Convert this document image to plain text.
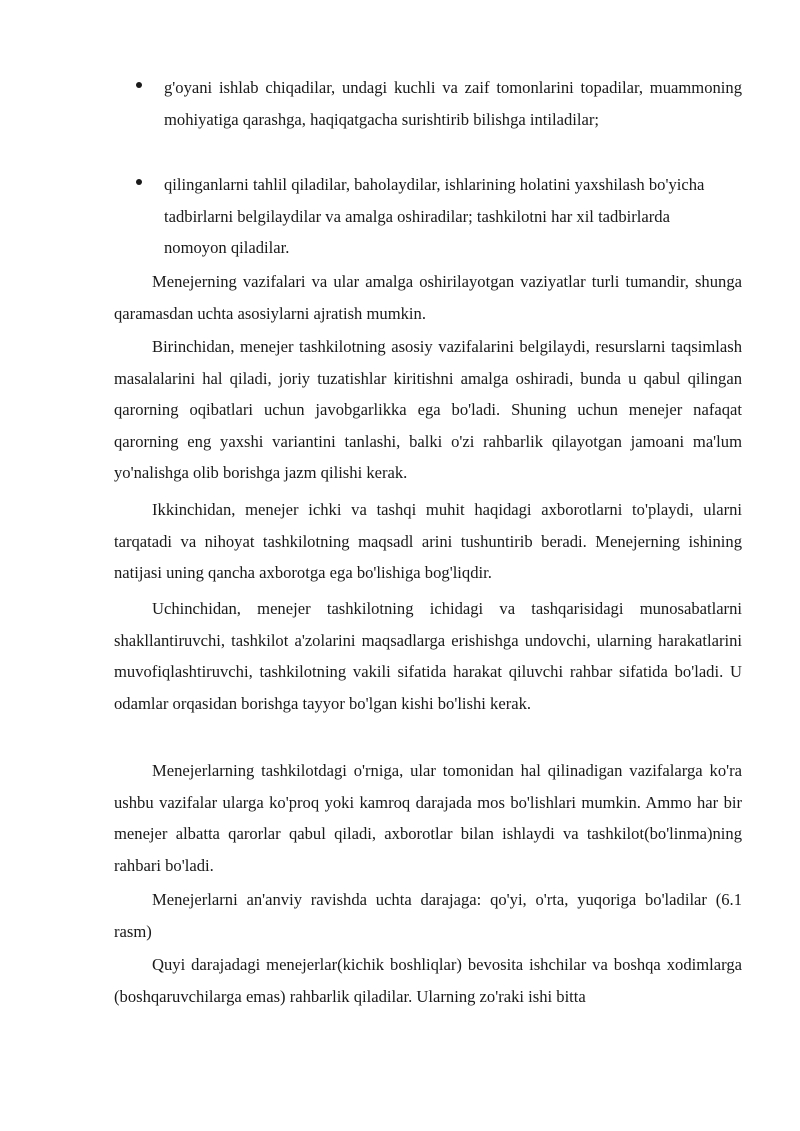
g'oyani ishlab chiqadilar, undagi kuchli va zaif tomonlarini topadilar, muammoning mohiyatiga qarashga, haqiqatgacha surishtirib bilishga intiladilar;
qilinganlarni tahlil qiladilar, baholaydilar, ishlarining holatini yaxshilash bo'yicha tadbirlarni belgilaydilar va amalga oshiradilar; tashkilotni har xil tadbirlarda nomoyon qiladilar.

Menejerning vazifalari va ular amalga oshirilayotgan vaziyatlar turli tumandir, shunga qaramasdan uchta asosiylarni ajratish mumkin.

Birinchidan, menejer tashkilotning asosiy vazifalarini belgilaydi, resurslarni taqsimlash masalalarini hal qiladi, joriy tuzatishlar kiritishni amalga oshiradi, bunda u qabul qilingan qarorning oqibatlari uchun javobgarlikka ega bo'ladi. Shuning uchun menejer nafaqat qarorning eng yaxshi variantini tanlashi, balki o'zi rahbarlik qilayotgan jamoani ma'lum yo'nalishga olib borishga jazm qilishi kerak.

Ikkinchidan, menejer ichki va tashqi muhit haqidagi axborotlarni to'playdi, ularni tarqatadi va nihoyat tashkilotning maqsadl arini tushuntirib beradi. Menejerning ishining natijasi uning qancha axborotga ega bo'lishiga bog'liqdir.

Uchinchidan, menejer tashkilotning ichidagi va tashqarisidagi munosabatlarni shakllantiruvchi, tashkilot a'zolarini maqsadlarga erishishga undovchi, ularning harakatlarini muvofiqlashtiruvchi, tashkilotning vakili sifatida harakat qiluvchi rahbar sifatida bo'ladi. U odamlar orqasidan borishga tayyor bo'lgan kishi bo'lishi kerak.

Menejerlarning tashkilotdagi o'rniga, ular tomonidan hal qilinadigan vazifalarga ko'ra ushbu vazifalar ularga ko'proq yoki kamroq darajada mos bo'lishlari mumkin. Ammo har bir menejer albatta qarorlar qabul qiladi, axborotlar bilan ishlaydi va tashkilot(bo'linma)ning rahbari bo'ladi.

Menejerlarni an'anviy ravishda uchta darajaga: qo'yi, o'rta, yuqoriga bo'ladilar (6.1 rasm)

Quyi darajadagi menejerlar(kichik boshliqlar) bevosita ishchilar va boshqa xodimlarga (boshqaruvchilarga emas) rahbarlik qiladilar. Ularning zo'raki ishi bitta
